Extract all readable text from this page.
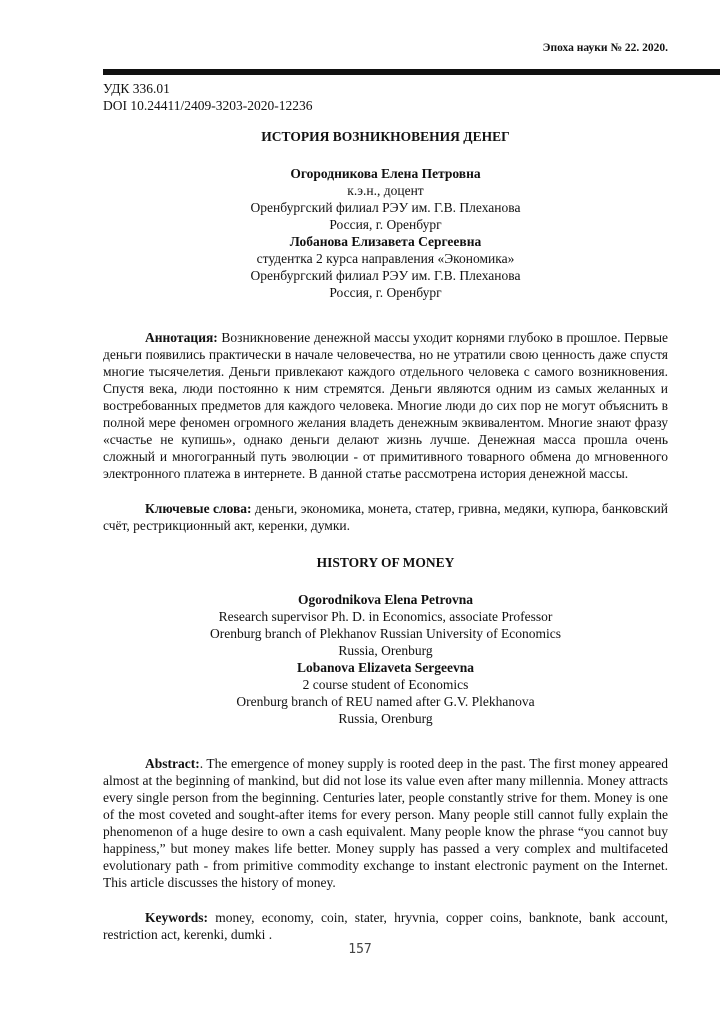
Эпоха науки № 22. 2020.
УДК 336.01
DOI 10.24411/2409-3203-2020-12236

ИСТОРИЯ ВОЗНИКНОВЕНИЯ ДЕНЕГ

Огородникова Елена Петровна
к.э.н., доцент
Оренбургский филиал РЭУ им. Г.В. Плеханова
Россия, г. Оренбург
Лобанова Елизавета Сергеевна
студентка 2 курса направления «Экономика»
Оренбургский филиал РЭУ им. Г.В. Плеханова
Россия, г. Оренбург

Аннотация: Возникновение денежной массы уходит корнями глубоко в прошлое. Первые деньги появились практически в начале человечества, но не утратили свою ценность даже спустя многие тысячелетия. Деньги привлекают каждого отдельного человека с самого возникновения. Спустя века, люди постоянно к ним стремятся. Деньги являются одним из самых желанных и востребованных предметов для каждого человека. Многие люди до сих пор не могут объяснить в полной мере феномен огромного желания владеть денежным эквивалентом. Многие знают фразу «счастье не купишь», однако деньги делают жизнь лучше. Денежная масса прошла очень сложный и многогранный путь эволюции - от примитивного товарного обмена до мгновенного электронного платежа в интернете. В данной статье рассмотрена история денежной массы.

Ключевые слова: деньги, экономика, монета, статер, гривна, медяки, купюра, банковский счёт, рестрикционный акт, керенки, думки.

HISTORY OF MONEY

Ogorodnikova Elena Petrovna
Research supervisor Ph. D. in Economics, associate Professor
Orenburg branch of Plekhanov Russian University of Economics
Russia, Orenburg
Lobanova Elizaveta Sergeevna
2 course student of Economics
Orenburg branch of REU named after G.V. Plekhanova
Russia, Orenburg

Abstract:. The emergence of money supply is rooted deep in the past. The first money appeared almost at the beginning of mankind, but did not lose its value even after many millennia. Money attracts every single person from the beginning. Centuries later, people constantly strive for them. Money is one of the most coveted and sought-after items for every person. Many people still cannot fully explain the phenomenon of a huge desire to own a cash equivalent. Many people know the phrase “you cannot buy happiness,” but money makes life better. Money supply has passed a very complex and multifaceted evolutionary path - from primitive commodity exchange to instant electronic payment on the Internet. This article discusses the history of money.

Keywords: money, economy, coin, stater, hryvnia, copper coins, banknote, bank account, restriction act, kerenki, dumki .

157
